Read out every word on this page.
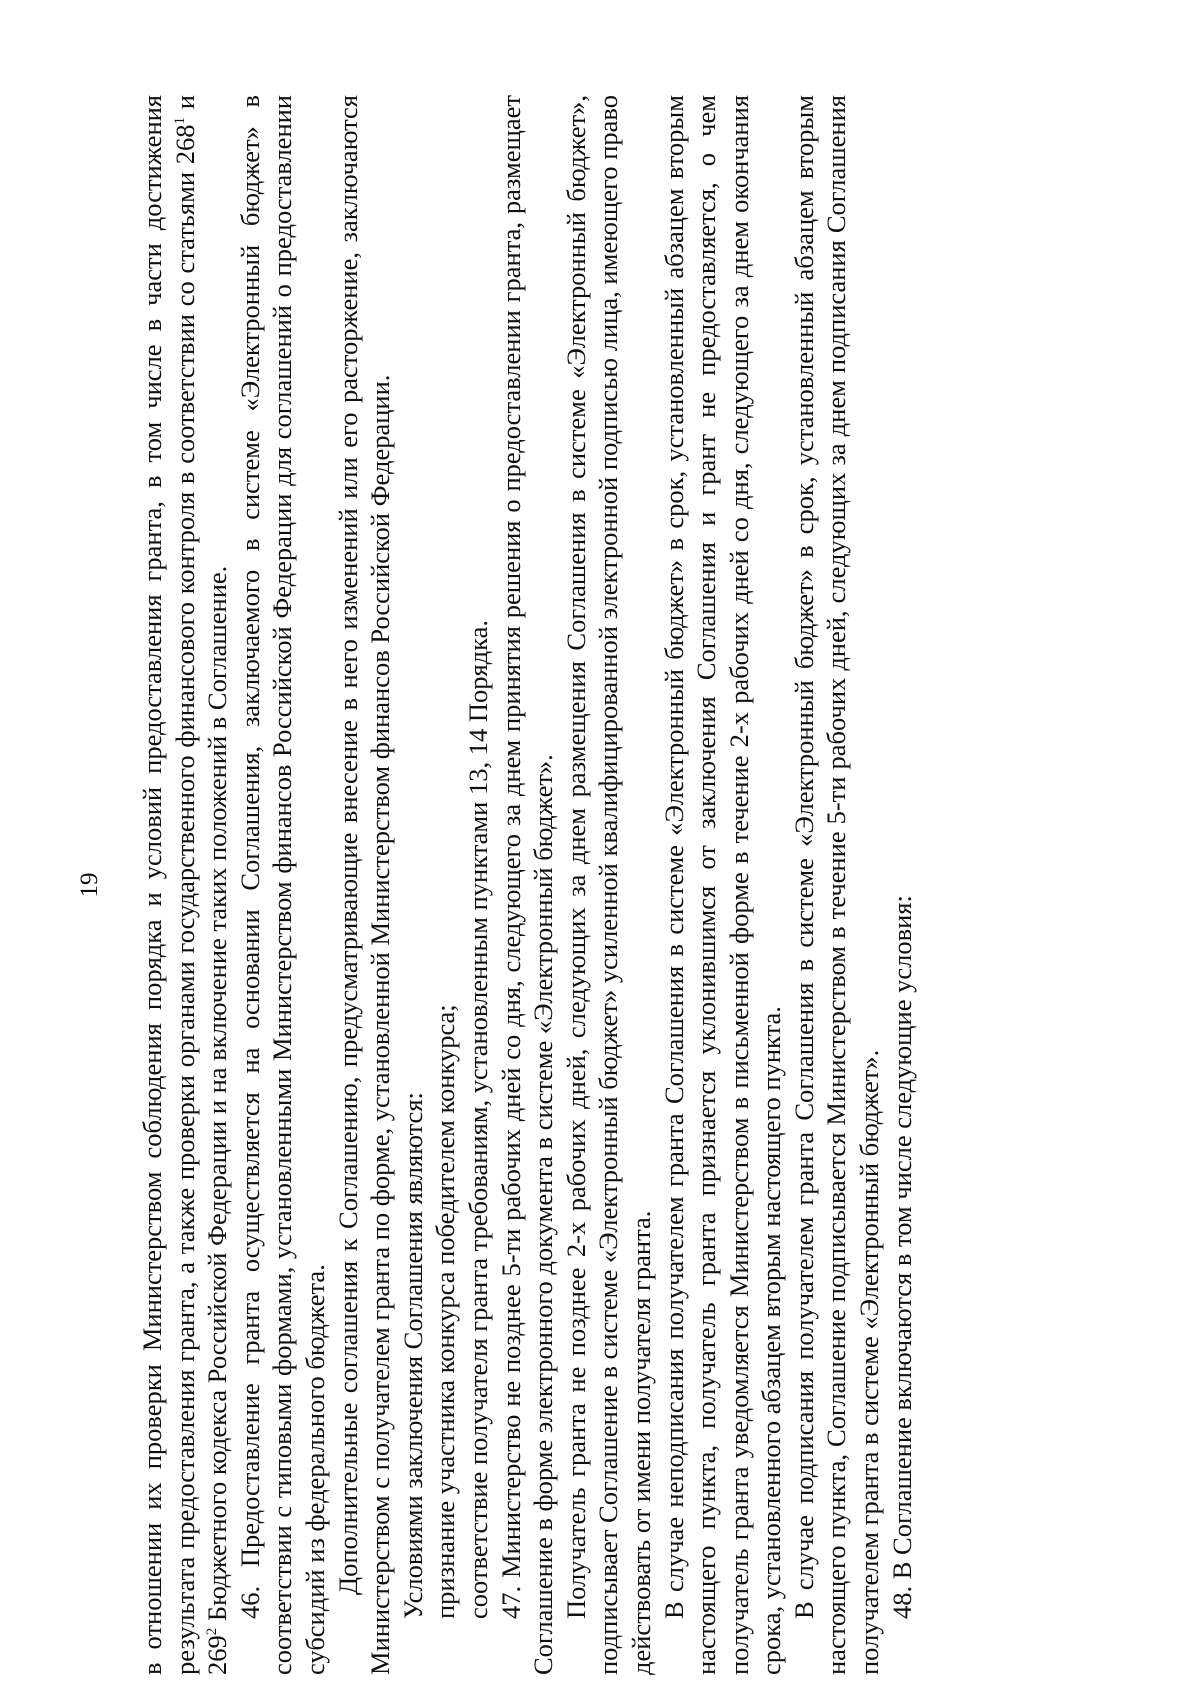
19 в отношении их проверки Министерством соблюдения порядка и условий предоставления гранта, в том числе в части достижения результата предоставления гранта, а также проверки органами государственного финансового контроля в соответствии со статьями $268^1$ и $269^2$ Бюджетного кодекса Российской Федерации и на включение таких положений в Соглашение. 46. Предоставление гранта осуществляется на основании Соглашения, заключаемого в системе «Электронный бюджет» в соответствии с типовыми формами, установленными Министерством финансов Российской Федерации для соглашений о предоставлении субсидий из федерального бюджета. Дополнительные соглашения к Соглашению, предусматривающие внесение в него изменений или его расторжение, заключаются Министерством с получателем гранта по форме, установленной Министерством финансов Российской Федерации. Условиями заключения Соглашения являются: признание участника конкурса победителем конкурса; соответствие получателя гранта требованиям, установленным пунктами 13, 14 Порядка. 47. Министерство не позднее 5-ти рабочих дней со дня, следующего за днем принятия решения о предоставлении гранта, размещает Соглашение в форме электронного документа в системе «Электронный бюджет». Получатель гранта не позднее 2-х рабочих дней, следующих за днем размещения Соглашения в системе «Электронный бюджет», подписывает Соглашение в системе «Электронный бюджет» усиленной квалифицированной электронной подписью лица, имеющего право действовать от имени получателя гранта. В случае неподписания получателем гранта Соглашения в системе «Электронный бюджет» в срок, установленный абзацем вторым настоящего пункта, получатель гранта признается уклонившимся от заключения Соглашения и грант не предоставляется, о чем получатель гранта уведомляется Министерством в письменной форме в течение 2-х рабочих дней со дня, следующего за днем окончания срока, установленного абзацем вторым настоящего пункта. В случае подписания получателем гранта Соглашения в системе «Электронный бюджет» в срок, установленный абзацем вторым настоящего пункта, Соглашение подписывается Министерством в течение 5-ти рабочих дней, следующих за днем подписания Соглашения получателем гранта в системе «Электронный бюджет». 48. В Соглашение включаются в том числе следующие условия:
